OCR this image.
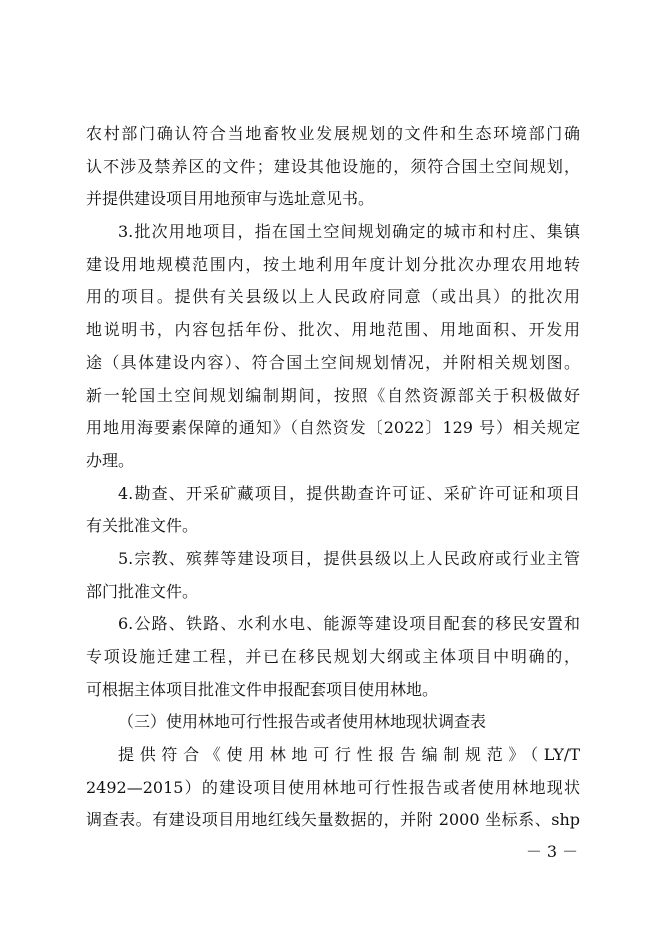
农村部门确认符合当地畜牧业发展规划的文件和生态环境部门确
认不涉及禁养区的文件；建设其他设施的，须符合国土空间规划，
并提供建设项目用地预审与选址意见书。
3.批次用地项目，指在国土空间规划确定的城市和村庄、集镇
建设用地规模范围内，按土地利用年度计划分批次办理农用地转
用的项目。提供有关县级以上人民政府同意（或出具）的批次用
地说明书，内容包括年份、批次、用地范围、用地面积、开发用
途（具体建设内容）、符合国土空间规划情况，并附相关规划图。
新一轮国土空间规划编制期间，按照《自然资源部关于积极做好
用地用海要素保障的通知》（自然资发〔2022〕129 号）相关规定
办理。
4.勘查、开采矿藏项目，提供勘查许可证、采矿许可证和项目
有关批准文件。
5.宗教、殡葬等建设项目，提供县级以上人民政府或行业主管
部门批准文件。
6.公路、铁路、水利水电、能源等建设项目配套的移民安置和
专项设施迁建工程，并已在移民规划大纲或主体项目中明确的，
可根据主体项目批准文件申报配套项目使用林地。
（三）使用林地可行性报告或者使用林地现状调查表
提供符合《使用林地可行性报告编制规范》（LY/T
2492—2015）的建设项目使用林地可行性报告或者使用林地现状
调查表。有建设项目用地红线矢量数据的，并附 2000 坐标系、shp
－ 3 －
